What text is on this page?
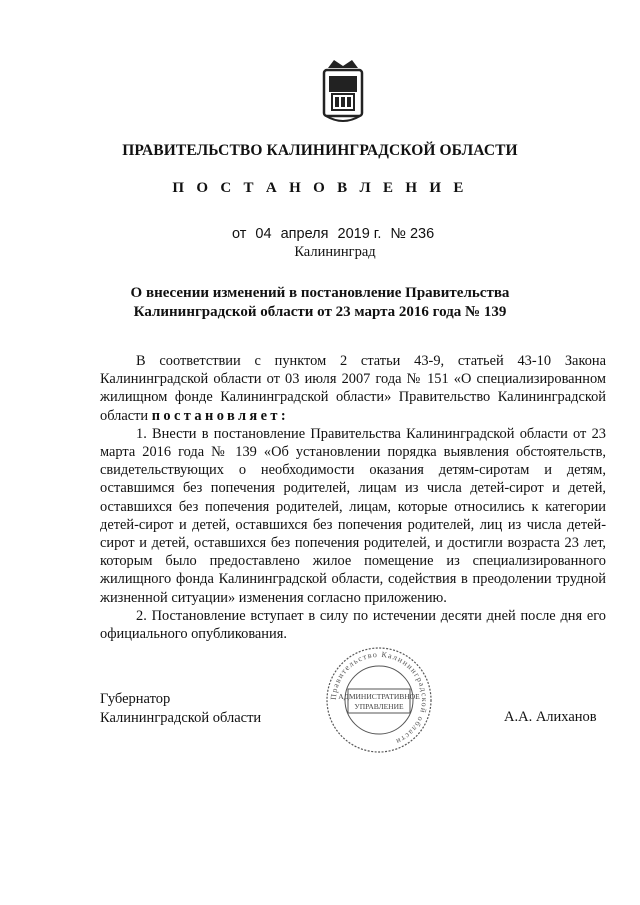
ПРАВИТЕЛЬСТВО КАЛИНИНГРАДСКОЙ ОБЛАСТИ
П О С Т А Н О В Л Е Н И Е
от 04 апреля 2019 г. № 236
Калининград
О внесении изменений в постановление Правительства
Калининградской области от 23 марта 2016 года № 139

В соответствии с пунктом 2 статьи 43-9, статьей 43-10 Закона Калининградской области от 03 июля 2007 года № 151 «О специализированном жилищном фонде Калининградской области» Правительство Калининградской области постановляет:

1. Внести в постановление Правительства Калининградской области от 23 марта 2016 года № 139 «Об установлении порядка выявления обстоятельств, свидетельствующих о необходимости оказания детям-сиротам и детям, оставшимся без попечения родителей, лицам из числа детей-сирот и детей, оставшихся без попечения родителей, лицам, которые относились к категории детей-сирот и детей, оставшихся без попечения родителей, лиц из числа детей-сирот и детей, оставшихся без попечения родителей, и достигли возраста 23 лет, которым было предоставлено жилое помещение из специализированного жилищного фонда Калининградской области, содействия в преодолении трудной жизненной ситуации» изменения согласно приложению.

2. Постановление вступает в силу по истечении десяти дней после дня его официального опубликования.

Губернатор
Калининградской области
Правительство Калининградской области
АДМИНИСТРАТИВНОЕ
УПРАВЛЕНИЕ
А.А. Алиханов
